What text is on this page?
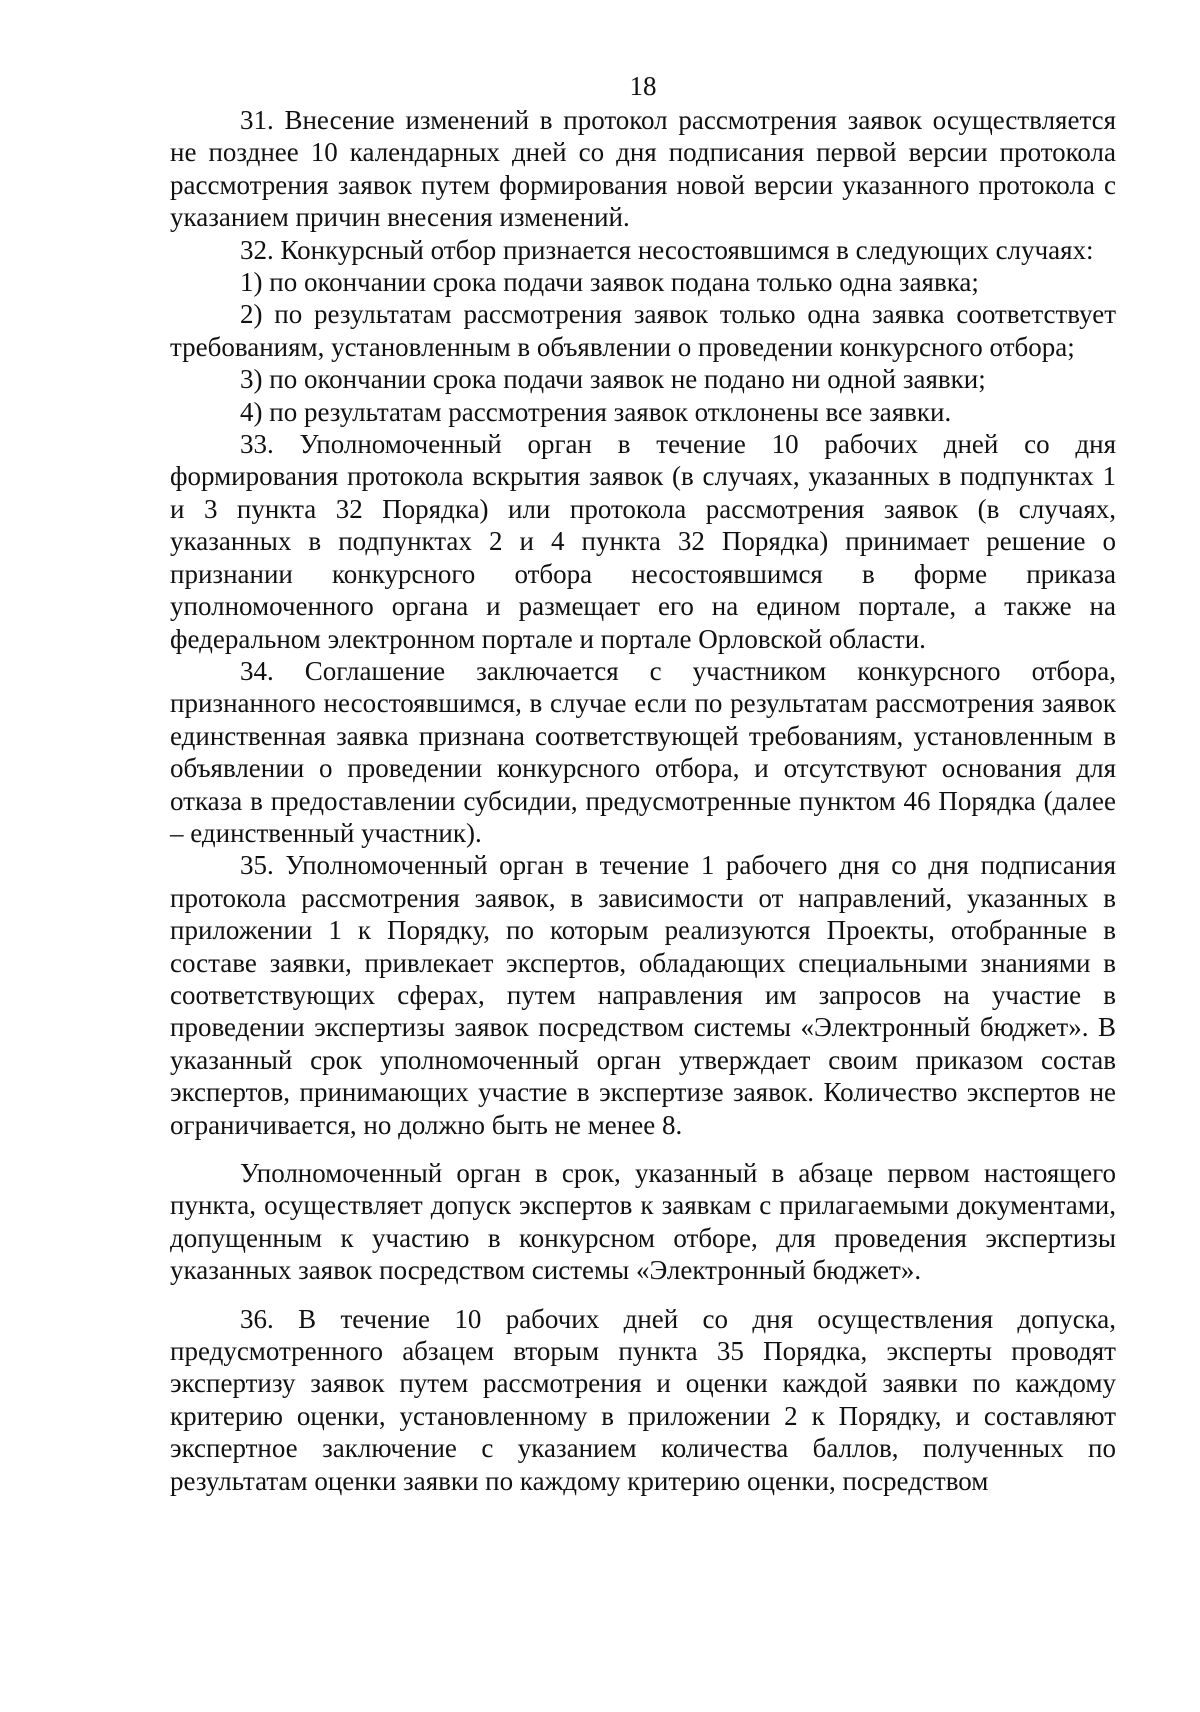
18

31. Внесение изменений в протокол рассмотрения заявок осуществляется не позднее 10 календарных дней со дня подписания первой версии протокола рассмотрения заявок путем формирования новой версии указанного протокола с указанием причин внесения изменений.

32. Конкурсный отбор признается несостоявшимся в следующих случаях:

1) по окончании срока подачи заявок подана только одна заявка;

2) по результатам рассмотрения заявок только одна заявка соответствует требованиям, установленным в объявлении о проведении конкурсного отбора;

3) по окончании срока подачи заявок не подано ни одной заявки;

4) по результатам рассмотрения заявок отклонены все заявки.

33. Уполномоченный орган в течение 10 рабочих дней со дня формирования протокола вскрытия заявок (в случаях, указанных в подпунктах 1 и 3 пункта 32 Порядка) или протокола рассмотрения заявок (в случаях, указанных в подпунктах 2 и 4 пункта 32 Порядка) принимает решение о признании конкурсного отбора несостоявшимся в форме приказа уполномоченного органа и размещает его на едином портале, а также на федеральном электронном портале и портале Орловской области.

34. Соглашение заключается с участником конкурсного отбора, признанного несостоявшимся, в случае если по результатам рассмотрения заявок единственная заявка признана соответствующей требованиям, установленным в объявлении о проведении конкурсного отбора, и отсутствуют основания для отказа в предоставлении субсидии, предусмотренные пунктом 46 Порядка (далее – единственный участник).

35. Уполномоченный орган в течение 1 рабочего дня со дня подписания протокола рассмотрения заявок, в зависимости от направлений, указанных в приложении 1 к Порядку, по которым реализуются Проекты, отобранные в составе заявки, привлекает экспертов, обладающих специальными знаниями в соответствующих сферах, путем направления им запросов на участие в проведении экспертизы заявок посредством системы «Электронный бюджет». В указанный срок уполномоченный орган утверждает своим приказом состав экспертов, принимающих участие в экспертизе заявок. Количество экспертов не ограничивается, но должно быть не менее 8.

Уполномоченный орган в срок, указанный в абзаце первом настоящего пункта, осуществляет допуск экспертов к заявкам с прилагаемыми документами, допущенным к участию в конкурсном отборе, для проведения экспертизы указанных заявок посредством системы «Электронный бюджет».

36. В течение 10 рабочих дней со дня осуществления допуска, предусмотренного абзацем вторым пункта 35 Порядка, эксперты проводят экспертизу заявок путем рассмотрения и оценки каждой заявки по каждому критерию оценки, установленному в приложении 2 к Порядку, и составляют экспертное заключение с указанием количества баллов, полученных по результатам оценки заявки по каждому критерию оценки, посредством
